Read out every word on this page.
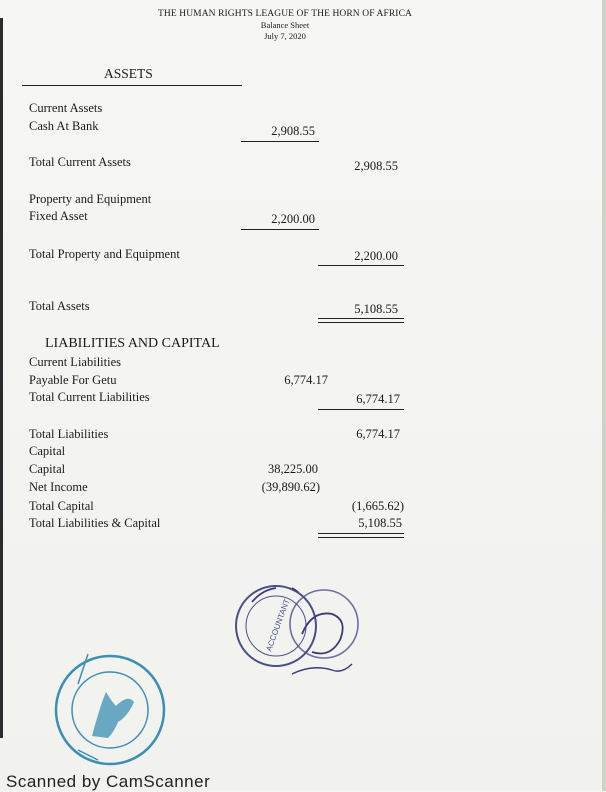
THE HUMAN RIGHTS LEAGUE OF THE HORN OF AFRICA
Balance Sheet
July 7, 2020
ASSETS
Current Assets
Cash At Bank	2,908.55
Total Current Assets	2,908.55
Property and Equipment
Fixed Asset	2,200.00
Total Property and Equipment	2,200.00
Total Assets	5,108.55
LIABILITIES AND CAPITAL
Current Liabilities
Payable For Getu	6,774.17
Total Current Liabilities	6,774.17
Total Liabilities	6,774.17
Capital
Capital	38,225.00
Net Income	(39,890.62)
Total Capital	(1,665.62)
Total Liabilities & Capital	5,108.55
ACCOUNTANT
Scanned by CamScanner
